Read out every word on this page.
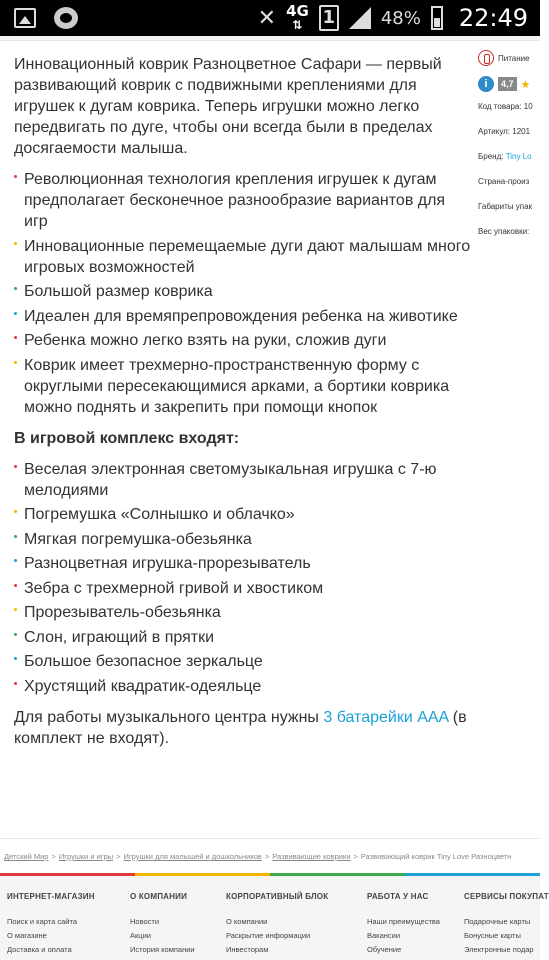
✕ 4G
⇅	1	48% 22:49

Инновационный коврик Разноцветное Сафари — первый развивающий коврик с подвижными креплениями для игрушек к дугам коврика. Теперь игрушки можно легко передвигать по дуге, чтобы они всегда были в пределах досягаемости малыша.

Революционная технология крепления игрушек к дугам предполагает бесконечное разнообразие вариантов для игр
Инновационные перемещаемые дуги дают малышам много игровых возможностей
Большой размер коврика
Идеален для времяпрепровождения ребенка на животике
Ребенка можно легко взять на руки, сложив дуги
Коврик имеет трехмерно-пространственную форму с округлыми пересекающимися арками, а бортики коврика можно поднять и закрепить при помощи кнопок
В игровой комплекс входят:
Веселая электронная светомузыкальная игрушка с 7-ю мелодиями
Погремушка «Солнышко и облачко»
Мягкая погремушка-обезьянка
Разноцветная игрушка-прорезыватель
Зебра с трехмерной гривой и хвостиком
Прорезыватель-обезьянка
Слон, играющий в прятки
Большое безопасное зеркальце
Хрустящий квадратик-одеяльце
Для работы музыкального центра нужны 3 батарейки AAA (в комплект не входят).
Питание
i	4,7 ★
Код товара: 10
Артикул: 1201
Бренд: Tiny Lo
Страна-произ
Габариты упак
Вес упаковки:
Детский Мир > Игрушки и игры > Игрушки для малышей и дошкольников > Развивающие коврики > Развивающий коврик Tiny Love Разноцветн
ИНТЕРНЕТ-МАГАЗИН
Поиск и карта сайта
О магазине
Доставка и оплата
О КОМПАНИИ
Новости
Акции
История компании
КОРПОРАТИВНЫЙ БЛОК
О компании
Раскрытие информации
Инвесторам
РАБОТА У НАС
Наши преимущества
Вакансии
Обучение
СЕРВИСЫ ПОКУПАТ
Подарочные карты
Бонусные карты
Электронные подар
